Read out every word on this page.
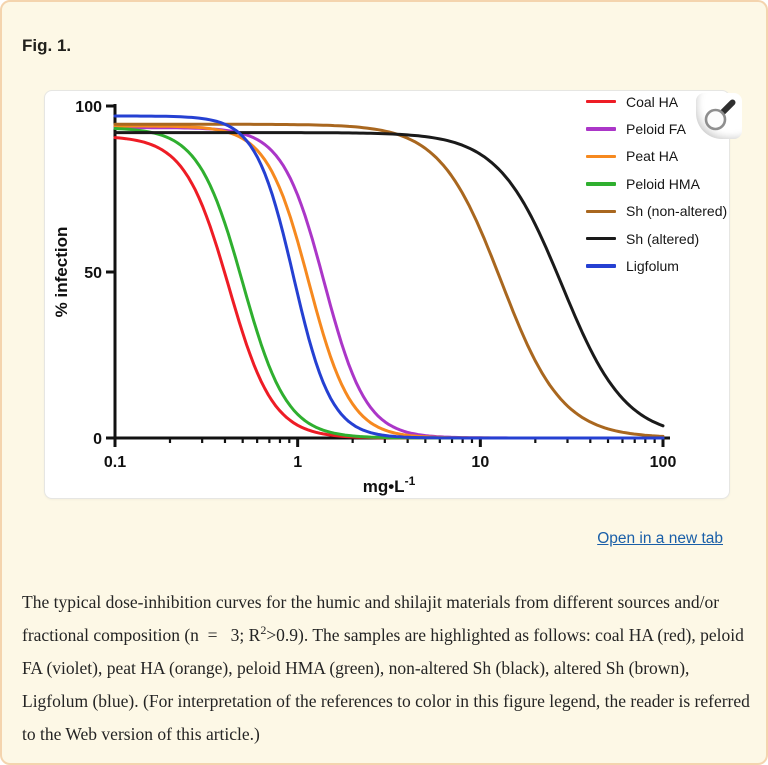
Fig. 1.
0
50
100
0.1	1	10	100
% infection
$mg•L^{-1}$
Coal HA
Peloid FA
Peat HA
Peloid HMA
Sh (non-altered)
Sh (altered)
Ligfolum
Open in a new tab

The typical dose-inhibition curves for the humic and shilajit materials from different sources and/or fractional composition (n =  3; $R^2>0.9$). The samples are highlighted as follows: coal HA (red), peloid FA (violet), peat HA (orange), peloid HMA (green), non-altered Sh (black), altered Sh (brown), Ligfolum (blue). (For interpretation of the references to color in this figure legend, the reader is referred to the Web version of this article.)
